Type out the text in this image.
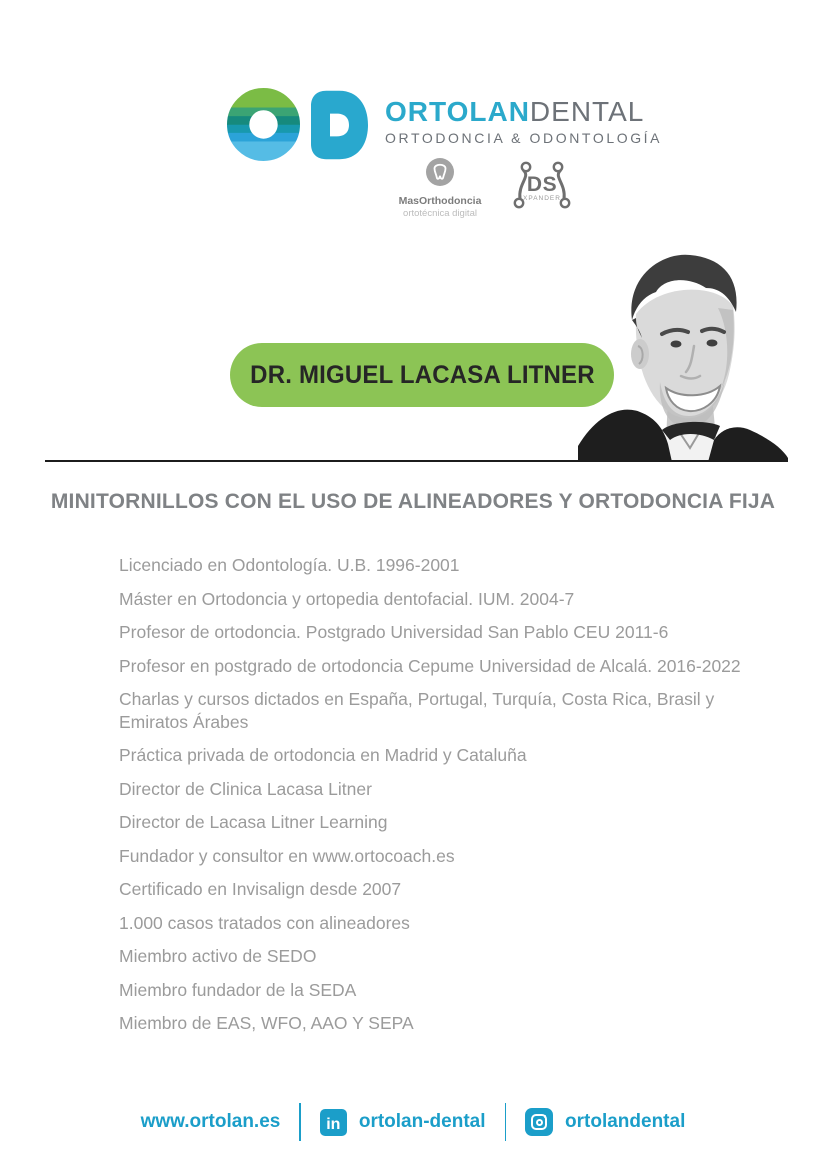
ORTOLANDENTAL
ORTODONCIA & ODONTOLOGÍA
MasOrthodoncia
ortotécnica digital
DS
XPANDER
DR. MIGUEL LACASA LITNER
MINITORNILLOS CON EL USO DE ALINEADORES Y ORTODONCIA FIJA
Licenciado en Odontología. U.B. 1996-2001
Máster en Ortodoncia y ortopedia dentofacial. IUM. 2004-7
Profesor de ortodoncia. Postgrado Universidad San Pablo CEU 2011-6
Profesor en postgrado de ortodoncia Cepume Universidad de Alcalá. 2016-2022
Charlas y cursos dictados en España, Portugal, Turquía, Costa Rica, Brasil y Emiratos Árabes
Práctica privada de ortodoncia en Madrid y Cataluña
Director de Clinica Lacasa Litner
Director de Lacasa Litner Learning
Fundador y consultor en www.ortocoach.es
Certificado en Invisalign desde 2007
1.000 casos tratados con alineadores
Miembro activo de SEDO
Miembro fundador de la SEDA
Miembro de EAS, WFO, AAO Y SEPA
www.ortolan.es	in ortolan-dental	ortolandental
